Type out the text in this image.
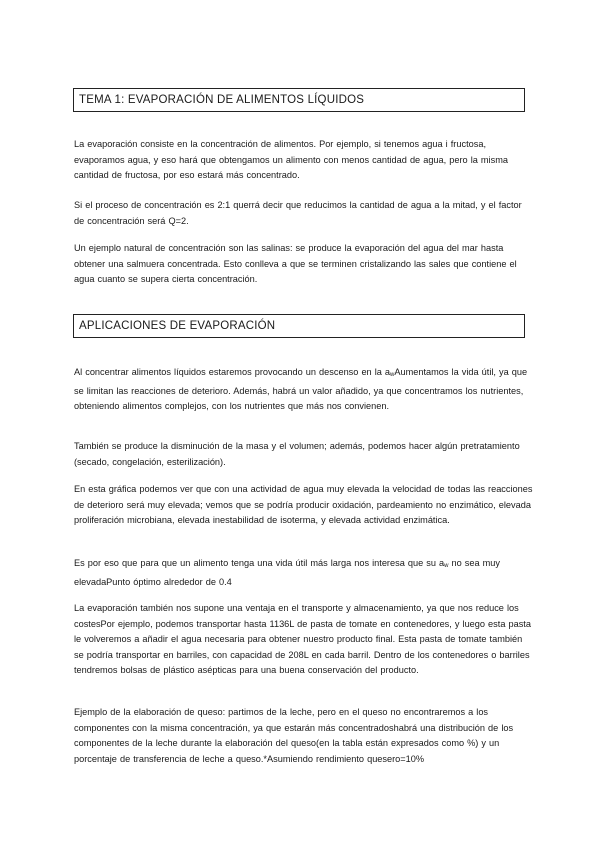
TEMA 1: EVAPORACIÓN DE ALIMENTOS LÍQUIDOS

La evaporación consiste en la concentración de alimentos. Por ejemplo, si tenemos agua i fructosa, evaporamos agua, y eso hará que obtengamos un alimento con menos cantidad de agua, pero la misma cantidad de fructosa, por eso estará más concentrado.

Si el proceso de concentración es 2:1 querrá decir que reducimos la cantidad de agua a la mitad, y el factor de concentración será Q=2.

Un ejemplo natural de concentración son las salinas: se produce la evaporación del agua del mar hasta obtener una salmuera concentrada. Esto conlleva a que se terminen cristalizando las sales que contiene el agua cuanto se supera cierta concentración.

APLICACIONES DE EVAPORACIÓN

Al concentrar alimentos líquidos estaremos provocando un descenso en la $a_wAumentamos$ la vida útil, ya que se limitan las reacciones de deterioro. Además, habrá un valor añadido, ya que concentramos los nutrientes, obteniendo alimentos complejos, con los nutrientes que más nos convienen.

También se produce la disminución de la masa y el volumen; además, podemos hacer algún pretratamiento (secado, congelación, esterilización).

En esta gráfica podemos ver que con una actividad de agua muy elevada la velocidad de todas las reacciones de deterioro será muy elevada; vemos que se podría producir oxidación, pardeamiento no enzimático, elevada proliferación microbiana, elevada inestabilidad de isoterma, y elevada actividad enzimática.

Es por eso que para que un alimento tenga una vida útil más larga nos interesa que su $a_w$ no sea muy elevadaPunto óptimo alrededor de 0.4

La evaporación también nos supone una ventaja en el transporte y almacenamiento, ya que nos reduce los costesPor ejemplo, podemos transportar hasta 1136L de pasta de tomate en contenedores, y luego esta pasta le volveremos a añadir el agua necesaria para obtener nuestro producto final. Esta pasta de tomate también se podría transportar en barriles, con capacidad de 208L en cada barril. Dentro de los contenedores o barriles tendremos bolsas de plástico asépticas para una buena conservación del producto.

Ejemplo de la elaboración de queso: partimos de la leche, pero en el queso no encontraremos a los componentes con la misma concentración, ya que estarán más concentradoshabrá una distribución de los componentes de la leche durante la elaboración del queso(en la tabla están expresados como %) y un porcentaje de transferencia de leche a queso.*Asumiendo rendimiento quesero=10%
